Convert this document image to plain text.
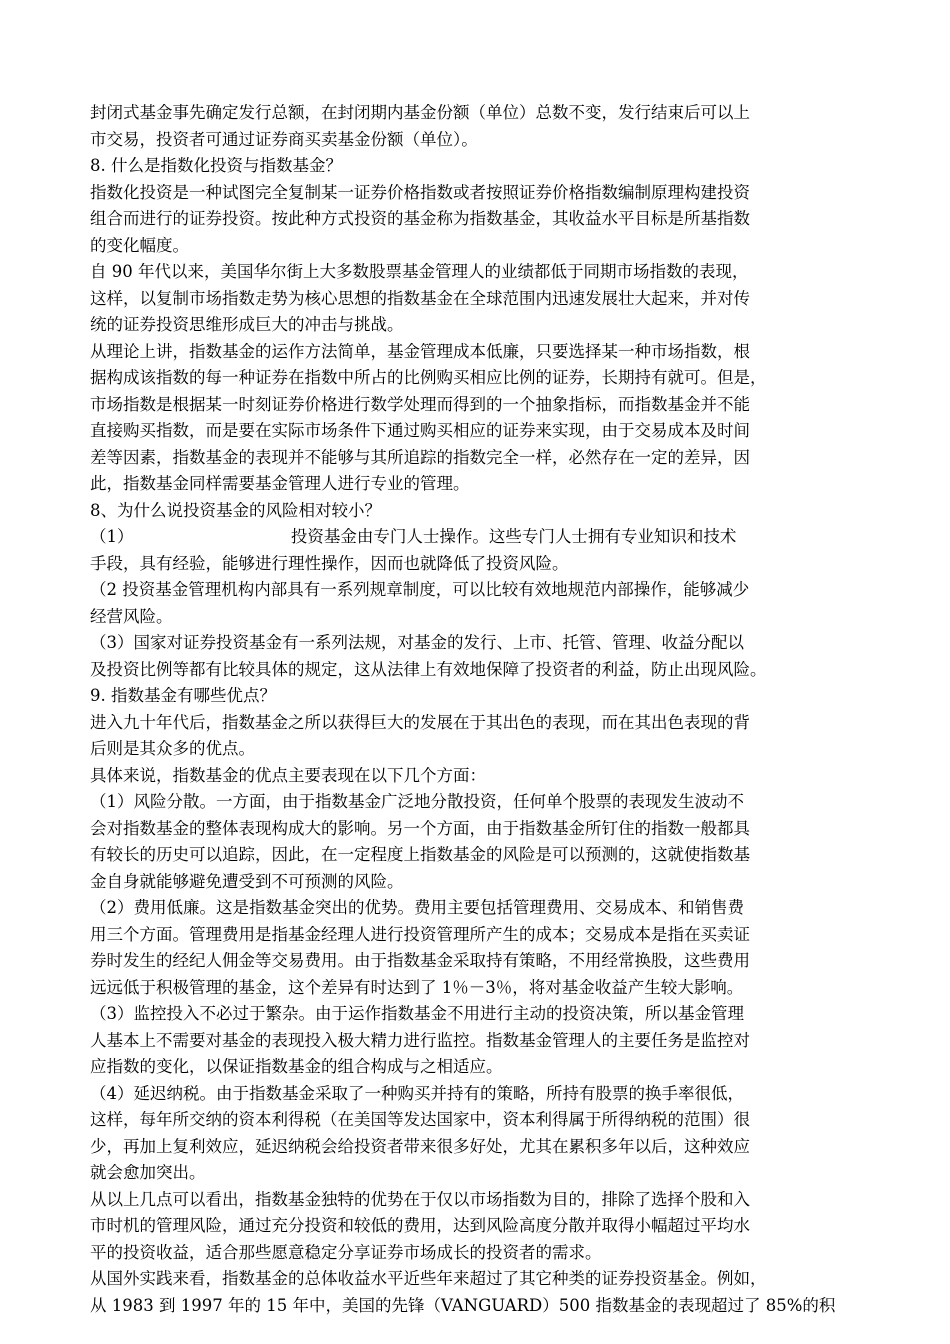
封闭式基金事先确定发行总额，在封闭期内基金份额（单位）总数不变，发行结束后可以上
市交易，投资者可通过证券商买卖基金份额（单位）。
8. 什么是指数化投资与指数基金？
指数化投资是一种试图完全复制某一证券价格指数或者按照证券价格指数编制原理构建投资
组合而进行的证券投资。按此种方式投资的基金称为指数基金，其收益水平目标是所基指数
的变化幅度。
自 90 年代以来，美国华尔街上大多数股票基金管理人的业绩都低于同期市场指数的表现，
这样，以复制市场指数走势为核心思想的指数基金在全球范围内迅速发展壮大起来，并对传
统的证券投资思维形成巨大的冲击与挑战。
从理论上讲，指数基金的运作方法简单，基金管理成本低廉，只要选择某一种市场指数，根
据构成该指数的每一种证券在指数中所占的比例购买相应比例的证券，长期持有就可。但是，
市场指数是根据某一时刻证券价格进行数学处理而得到的一个抽象指标，而指数基金并不能
直接购买指数，而是要在实际市场条件下通过购买相应的证券来实现，由于交易成本及时间
差等因素，指数基金的表现并不能够与其所追踪的指数完全一样，必然存在一定的差异，因
此，指数基金同样需要基金管理人进行专业的管理。
8、为什么说投资基金的风险相对较小？
（1）                              投资基金由专门人士操作。这些专门人士拥有专业知识和技术
手段，具有经验，能够进行理性操作，因而也就降低了投资风险。
（2 投资基金管理机构内部具有一系列规章制度，可以比较有效地规范内部操作，能够减少
经营风险。
（3）国家对证券投资基金有一系列法规，对基金的发行、上市、托管、管理、收益分配以
及投资比例等都有比较具体的规定，这从法律上有效地保障了投资者的利益，防止出现风险。
9. 指数基金有哪些优点？
进入九十年代后，指数基金之所以获得巨大的发展在于其出色的表现，而在其出色表现的背
后则是其众多的优点。
具体来说，指数基金的优点主要表现在以下几个方面：
（1）风险分散。一方面，由于指数基金广泛地分散投资，任何单个股票的表现发生波动不
会对指数基金的整体表现构成大的影响。另一个方面，由于指数基金所钉住的指数一般都具
有较长的历史可以追踪，因此，在一定程度上指数基金的风险是可以预测的，这就使指数基
金自身就能够避免遭受到不可预测的风险。
（2）费用低廉。这是指数基金突出的优势。费用主要包括管理费用、交易成本、和销售费
用三个方面。管理费用是指基金经理人进行投资管理所产生的成本；交易成本是指在买卖证
券时发生的经纪人佣金等交易费用。由于指数基金采取持有策略，不用经常换股，这些费用
远远低于积极管理的基金，这个差异有时达到了 1％－3％，将对基金收益产生较大影响。
（3）监控投入不必过于繁杂。由于运作指数基金不用进行主动的投资决策，所以基金管理
人基本上不需要对基金的表现投入极大精力进行监控。指数基金管理人的主要任务是监控对
应指数的变化，以保证指数基金的组合构成与之相适应。
（4）延迟纳税。由于指数基金采取了一种购买并持有的策略，所持有股票的换手率很低，
这样，每年所交纳的资本利得税（在美国等发达国家中，资本利得属于所得纳税的范围）很
少，再加上复利效应，延迟纳税会给投资者带来很多好处，尤其在累积多年以后，这种效应
就会愈加突出。
从以上几点可以看出，指数基金独特的优势在于仅以市场指数为目的，排除了选择个股和入
市时机的管理风险，通过充分投资和较低的费用，达到风险高度分散并取得小幅超过平均水
平的投资收益，适合那些愿意稳定分享证券市场成长的投资者的需求。
从国外实践来看，指数基金的总体收益水平近些年来超过了其它种类的证券投资基金。例如，
从 1983 到 1997 年的 15 年中，美国的先锋（VANGUARD）500 指数基金的表现超过了 85%的积
